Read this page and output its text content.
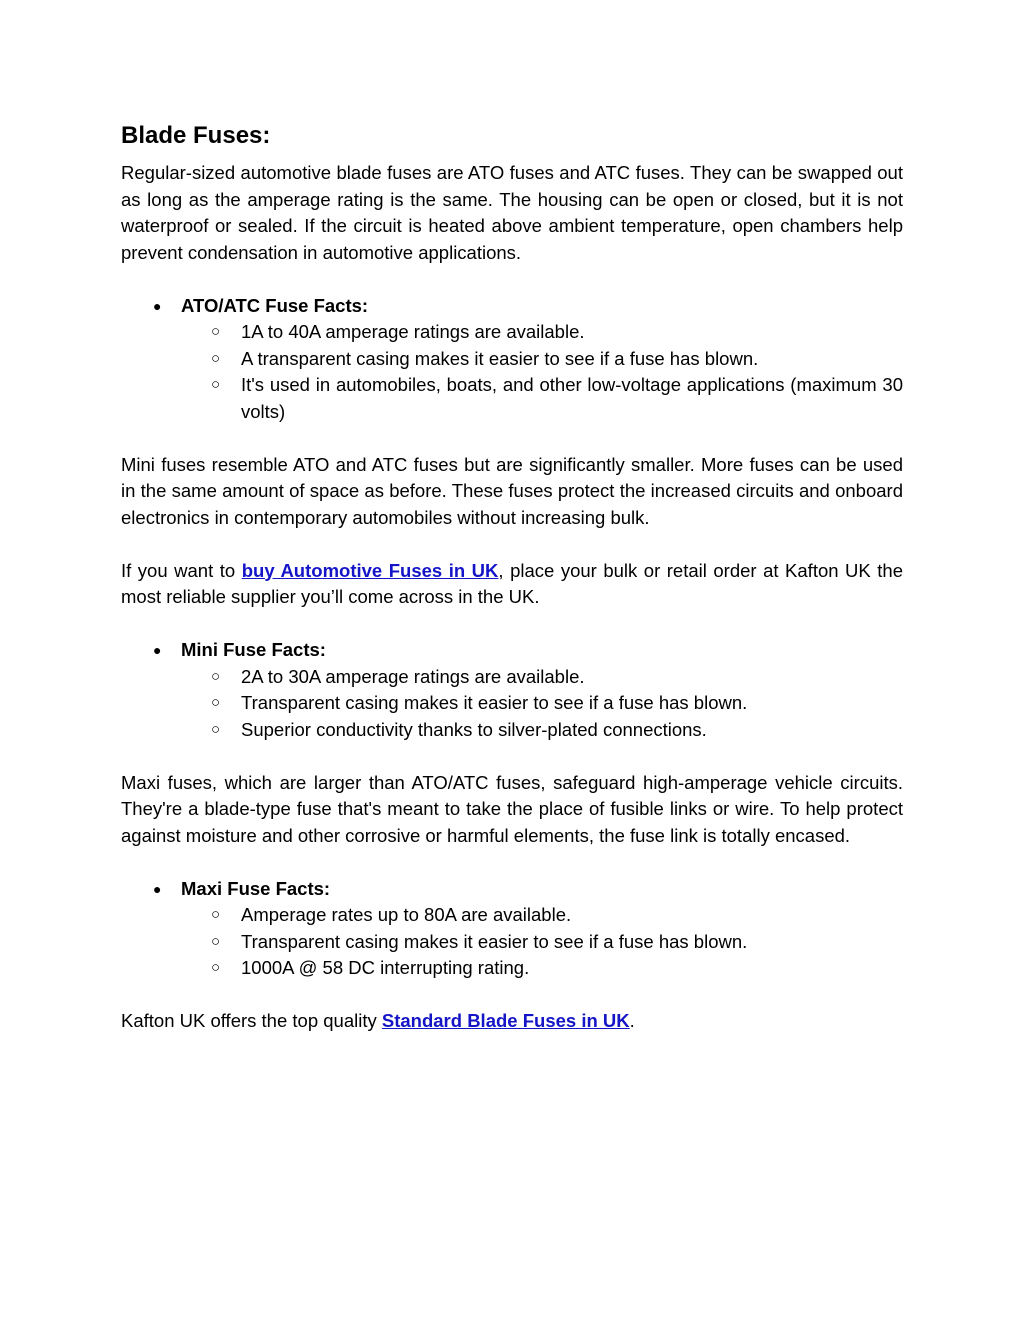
Blade Fuses:

Regular-sized automotive blade fuses are ATO fuses and ATC fuses. They can be swapped out as long as the amperage rating is the same. The housing can be open or closed, but it is not waterproof or sealed. If the circuit is heated above ambient temperature, open chambers help prevent condensation in automotive applications.

● ATO/ATC Fuse Facts:
○ 1A to 40A amperage ratings are available.
○ A transparent casing makes it easier to see if a fuse has blown.
○ It's used in automobiles, boats, and other low-voltage applications (maximum 30 volts)

Mini fuses resemble ATO and ATC fuses but are significantly smaller. More fuses can be used in the same amount of space as before. These fuses protect the increased circuits and onboard electronics in contemporary automobiles without increasing bulk.

If you want to buy Automotive Fuses in UK, place your bulk or retail order at Kafton UK the most reliable supplier you’ll come across in the UK.

● Mini Fuse Facts:
○ 2A to 30A amperage ratings are available.
○ Transparent casing makes it easier to see if a fuse has blown.
○ Superior conductivity thanks to silver-plated connections.

Maxi fuses, which are larger than ATO/ATC fuses, safeguard high-amperage vehicle circuits. They're a blade-type fuse that's meant to take the place of fusible links or wire. To help protect against moisture and other corrosive or harmful elements, the fuse link is totally encased.

● Maxi Fuse Facts:
○ Amperage rates up to 80A are available.
○ Transparent casing makes it easier to see if a fuse has blown.
○ 1000A @ 58 DC interrupting rating.

Kafton UK offers the top quality Standard Blade Fuses in UK.
